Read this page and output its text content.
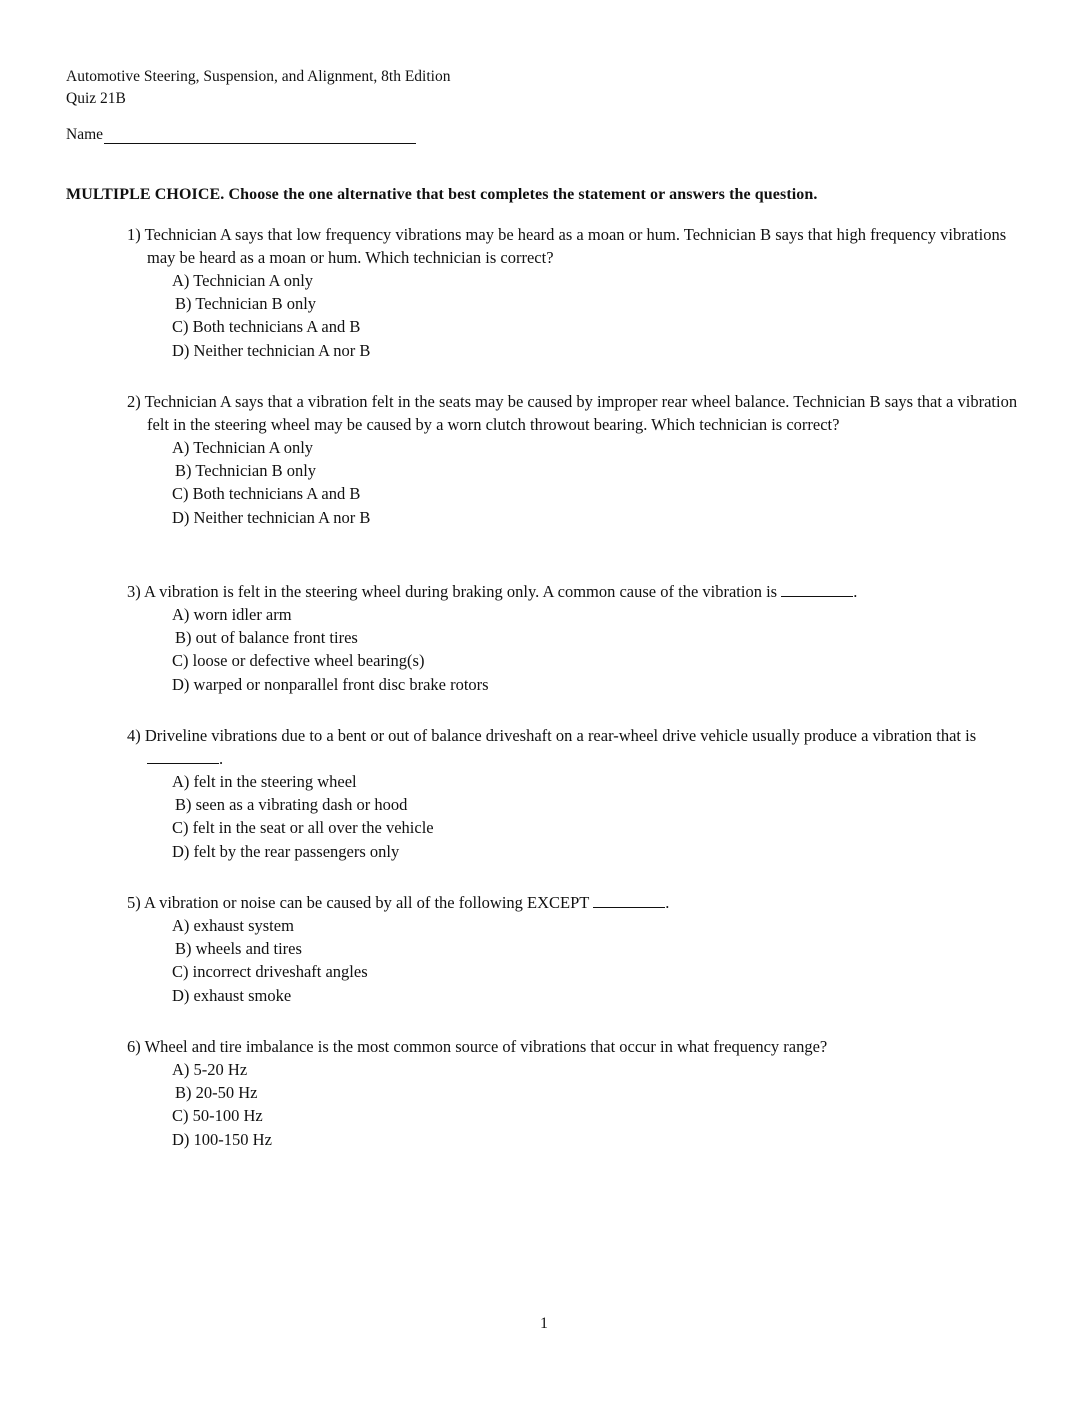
Automotive Steering, Suspension, and Alignment, 8th Edition
Quiz 21B
Name
MULTIPLE CHOICE. Choose the one alternative that best completes the statement or answers the question.
1) Technician A says that low frequency vibrations may be heard as a moan or hum. Technician B says that high frequency vibrations may be heard as a moan or hum. Which technician is correct?
A) Technician A only
B) Technician B only
C) Both technicians A and B
D) Neither technician A nor B
2) Technician A says that a vibration felt in the seats may be caused by improper rear wheel balance. Technician B says that a vibration felt in the steering wheel may be caused by a worn clutch throwout bearing. Which technician is correct?
A) Technician A only
B) Technician B only
C) Both technicians A and B
D) Neither technician A nor B
3) A vibration is felt in the steering wheel during braking only. A common cause of the vibration is	.
A) worn idler arm
B) out of balance front tires
C) loose or defective wheel bearing(s)
D) warped or nonparallel front disc brake rotors
4) Driveline vibrations due to a bent or out of balance driveshaft on a rear-wheel drive vehicle usually produce a vibration that is .
A) felt in the steering wheel
B) seen as a vibrating dash or hood
C) felt in the seat or all over the vehicle
D) felt by the rear passengers only
5) A vibration or noise can be caused by all of the following EXCEPT	.
A) exhaust system
B) wheels and tires
C) incorrect driveshaft angles
D) exhaust smoke
6) Wheel and tire imbalance is the most common source of vibrations that occur in what frequency range?
A) 5-20 Hz
B) 20-50 Hz
C) 50-100 Hz
D) 100-150 Hz
1
